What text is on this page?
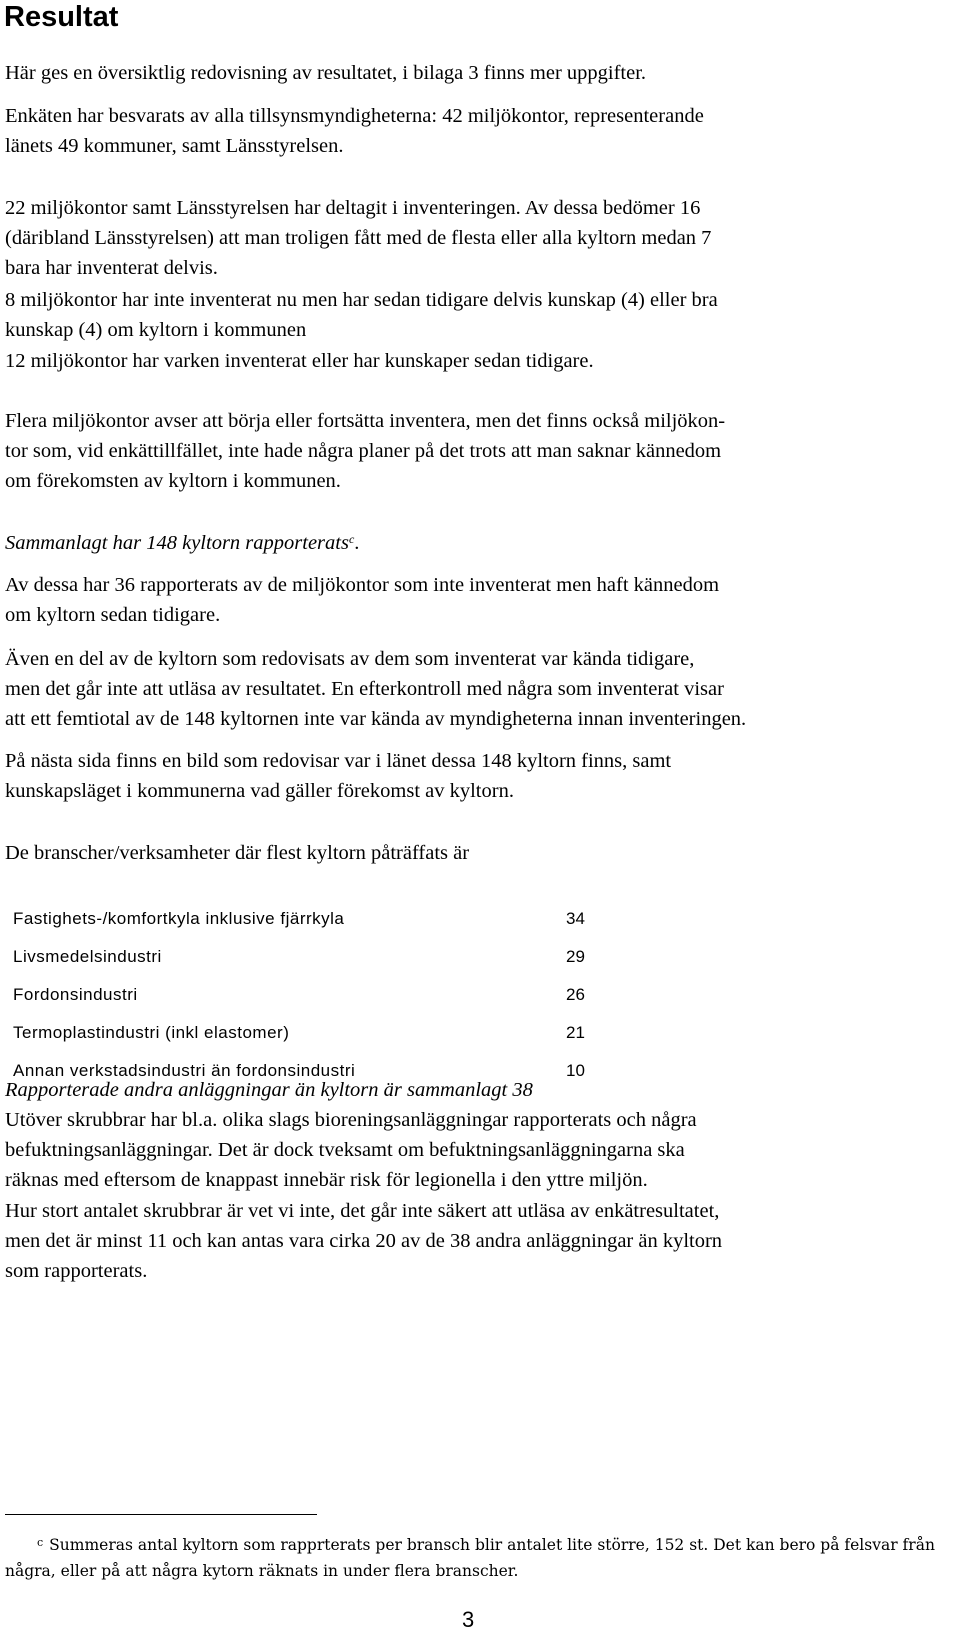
Resultat

Här ges en översiktlig redovisning av resultatet, i bilaga 3 finns mer uppgifter.

Enkäten har besvarats av alla tillsynsmyndigheterna: 42 miljökontor, representerande
länets 49 kommuner, samt Länsstyrelsen.

22 miljökontor samt Länsstyrelsen har deltagit i inventeringen. Av dessa bedömer 16
(däribland Länsstyrelsen) att man troligen fått med de flesta eller alla kyltorn medan 7
bara har inventerat delvis.

8 miljökontor har inte inventerat nu men har sedan tidigare delvis kunskap (4) eller bra
kunskap (4) om kyltorn i kommunen

12 miljökontor har varken inventerat eller har kunskaper sedan tidigare.

Flera miljökontor avser att börja eller fortsätta inventera, men det finns också miljökon-
tor som, vid enkättillfället, inte hade några planer på det trots att man saknar kännedom
om förekomsten av kyltorn i kommunen.

Sammanlagt har 148 kyltorn rapporterats$^c$.

Av dessa har 36 rapporterats av de miljökontor som inte inventerat men haft kännedom
om kyltorn sedan tidigare.

Även en del av de kyltorn som redovisats av dem som inventerat var kända tidigare,
men det går inte att utläsa av resultatet. En efterkontroll med några som inventerat visar
att ett femtiotal av de 148 kyltornen inte var kända av myndigheterna innan inventeringen.

På nästa sida finns en bild som redovisar var i länet dessa 148 kyltorn finns, samt
kunskapsläget i kommunerna vad gäller förekomst av kyltorn.

De branscher/verksamheter där flest kyltorn påträffats är

Fastighets-/komfortkyla inklusive fjärrkyla	34
Livsmedelsindustri	29
Fordonsindustri	26
Termoplastindustri (inkl elastomer)	21
Annan verkstadsindustri än fordonsindustri	10

Rapporterade andra anläggningar än kyltorn är sammanlagt 38

Utöver skrubbrar har bl.a. olika slags bioreningsanläggningar rapporterats och några
befuktningsanläggningar. Det är dock tveksamt om befuktningsanläggningarna ska
räknas med eftersom de knappast innebär risk för legionella i den yttre miljön.

Hur stort antalet skrubbrar är vet vi inte, det går inte säkert att utläsa av enkätresultatet,
men det är minst 11 och kan antas vara cirka 20 av de 38 andra anläggningar än kyltorn
som rapporterats.

$^c$ Summeras antal kyltorn som rapprterats per bransch blir antalet lite större, 152 st. Det kan bero på felsvar från några, eller på att några kytorn räknats in under flera branscher.

3
